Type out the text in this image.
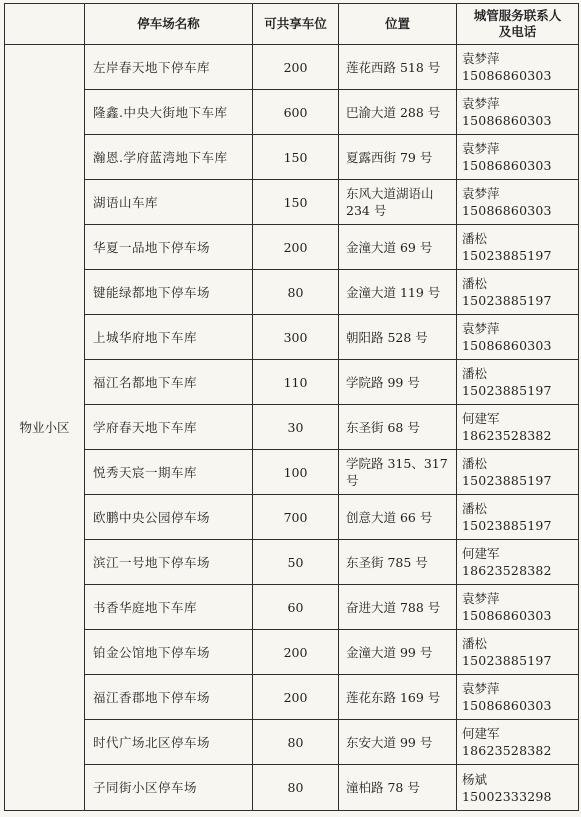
	停车场名称	可共享车位	位置	城管服务联系人
及电话
物业小区	左岸春天地下停车库	200	莲花西路 518 号	袁梦萍
15086860303

	隆鑫.中央大街地下车库	600	巴渝大道 288 号	袁梦萍
15086860303

	瀚恩.学府蓝湾地下车库	150	夏露西街 79 号	袁梦萍
15086860303

	湖语山车库	150	东风大道湖语山
234 号	袁梦萍
15086860303

	华夏一品地下停车场	200	金潼大道 69 号	潘松
15023885197

	键能绿都地下停车场	80	金潼大道 119 号	潘松
15023885197

	上城华府地下车库	300	朝阳路 528 号	袁梦萍
15086860303

	福江名都地下车库	110	学院路 99 号	潘松
15023885197

	学府春天地下车库	30	东圣街 68 号	何建军
18623528382

	悦秀天宸一期车库	100	学院路 315、317
号	潘松
15023885197

	欧鹏中央公园停车场	700	创意大道 66 号	潘松
15023885197

	滨江一号地下停车场	50	东圣街 785 号	何建军
18623528382

	书香华庭地下车库	60	奋进大道 788 号	袁梦萍
15086860303

	铂金公馆地下停车场	200	金潼大道 99 号	潘松
15023885197

	福江香郡地下停车场	200	莲花东路 169 号	袁梦萍
15086860303

	时代广场北区停车场	80	东安大道 99 号	何建军
18623528382

	子同街小区停车场	80	潼柏路 78 号	杨斌
15002333298
